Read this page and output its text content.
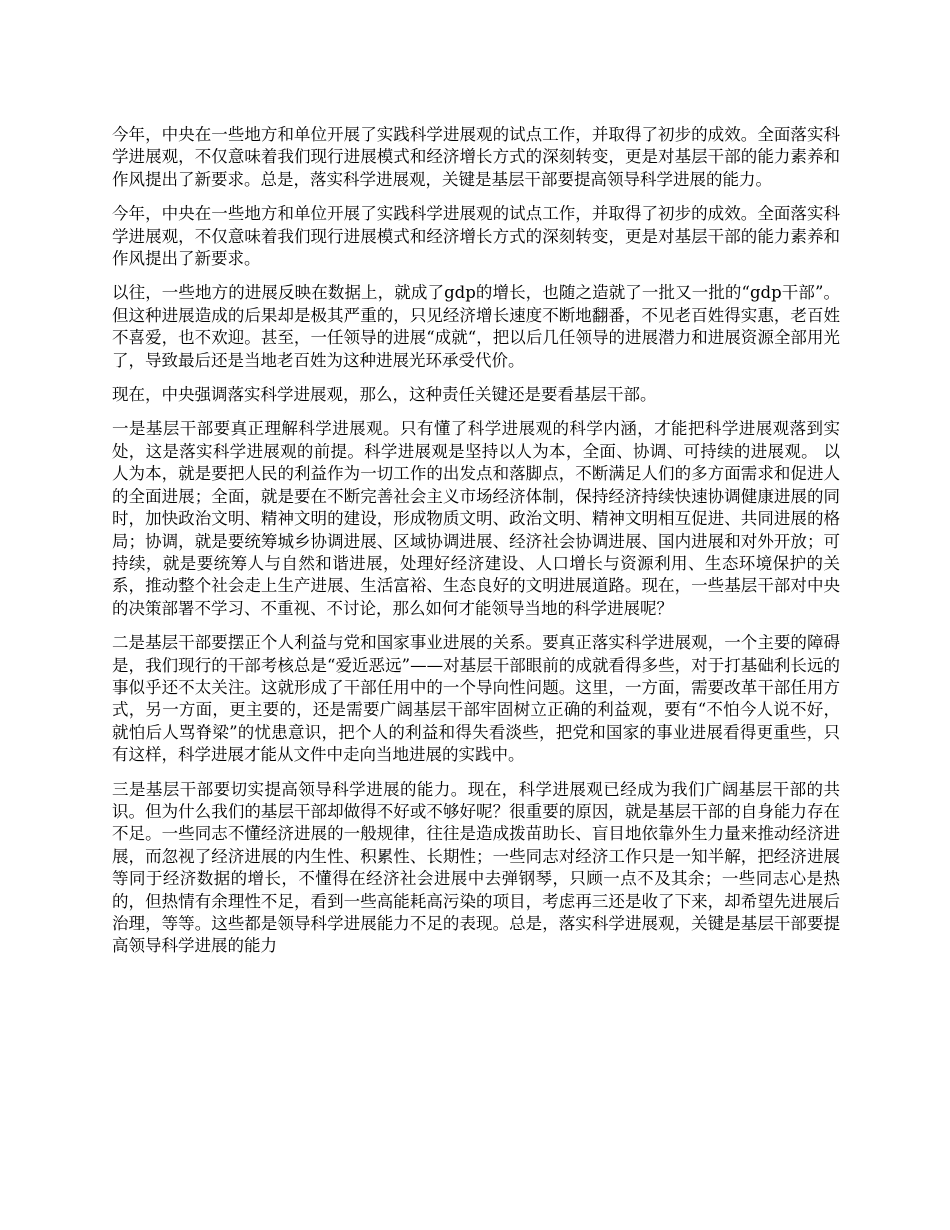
今年，中央在一些地方和单位开展了实践科学进展观的试点工作，并取得了初步的成效。全面落实科学进展观，不仅意味着我们现行进展模式和经济增长方式的深刻转变，更是对基层干部的能力素养和作风提出了新要求。总是，落实科学进展观，关键是基层干部要提高领导科学进展的能力。

今年，中央在一些地方和单位开展了实践科学进展观的试点工作，并取得了初步的成效。全面落实科学进展观，不仅意味着我们现行进展模式和经济增长方式的深刻转变，更是对基层干部的能力素养和作风提出了新要求。

以往，一些地方的进展反映在数据上，就成了gdp的增长，也随之造就了一批又一批的“gdp干部”。但这种进展造成的后果却是极其严重的，只见经济增长速度不断地翻番，不见老百姓得实惠，老百姓不喜爱，也不欢迎。甚至，一任领导的进展“成就“，把以后几任领导的进展潜力和进展资源全部用光了，导致最后还是当地老百姓为这种进展光环承受代价。

现在，中央强调落实科学进展观，那么，这种责任关键还是要看基层干部。

一是基层干部要真正理解科学进展观。只有懂了科学进展观的科学内涵，才能把科学进展观落到实处，这是落实科学进展观的前提。科学进展观是坚持以人为本，全面、协调、可持续的进展观。 以人为本，就是要把人民的利益作为一切工作的出发点和落脚点，不断满足人们的多方面需求和促进人的全面进展；全面，就是要在不断完善社会主义市场经济体制，保持经济持续快速协调健康进展的同时，加快政治文明、精神文明的建设，形成物质文明、政治文明、精神文明相互促进、共同进展的格局；协调，就是要统筹城乡协调进展、区域协调进展、经济社会协调进展、国内进展和对外开放；可持续，就是要统筹人与自然和谐进展，处理好经济建设、人口增长与资源利用、生态环境保护的关系，推动整个社会走上生产进展、生活富裕、生态良好的文明进展道路。现在，一些基层干部对中央的决策部署不学习、不重视、不讨论，那么如何才能领导当地的科学进展呢？

二是基层干部要摆正个人利益与党和国家事业进展的关系。要真正落实科学进展观，一个主要的障碍是，我们现行的干部考核总是“爱近恶远”——对基层干部眼前的成就看得多些，对于打基础利长远的事似乎还不太关注。这就形成了干部任用中的一个导向性问题。这里，一方面，需要改革干部任用方式，另一方面，更主要的，还是需要广阔基层干部牢固树立正确的利益观，要有“不怕今人说不好，就怕后人骂脊梁”的忧患意识，把个人的利益和得失看淡些，把党和国家的事业进展看得更重些，只有这样，科学进展才能从文件中走向当地进展的实践中。

三是基层干部要切实提高领导科学进展的能力。现在，科学进展观已经成为我们广阔基层干部的共识。但为什么我们的基层干部却做得不好或不够好呢？很重要的原因，就是基层干部的自身能力存在不足。一些同志不懂经济进展的一般规律，往往是造成拨苗助长、盲目地依靠外生力量来推动经济进展，而忽视了经济进展的内生性、积累性、长期性；一些同志对经济工作只是一知半解，把经济进展等同于经济数据的增长，不懂得在经济社会进展中去弹钢琴，只顾一点不及其余；一些同志心是热的，但热情有余理性不足，看到一些高能耗高污染的项目，考虑再三还是收了下来，却希望先进展后治理，等等。这些都是领导科学进展能力不足的表现。总是，落实科学进展观，关键是基层干部要提高领导科学进展的能力
